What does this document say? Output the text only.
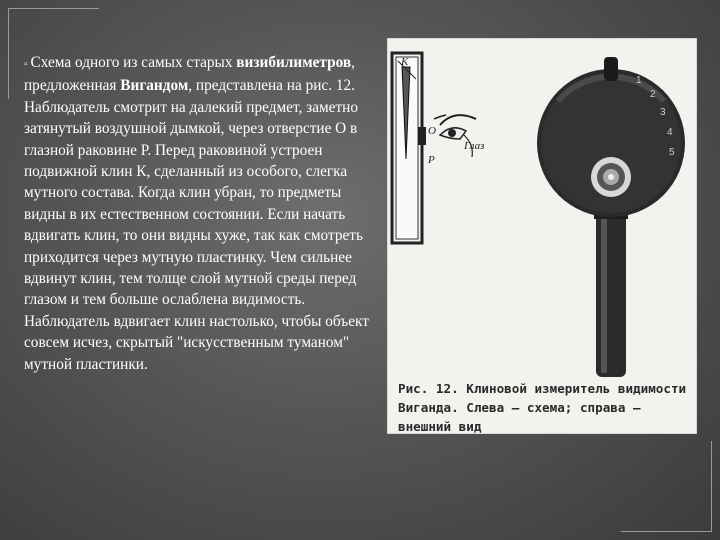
▫ Схема одного из самых старых визибилиметров, предложенная Вигандом, представлена на рис. 12. Наблюдатель смотрит на далекий предмет, заметно затянутый воздушной дымкой, через отверстие О в глазной раковине Р. Перед раковиной устроен подвижной клин К, сделанный из особого, слегка мутного состава. Когда клин убран, то предметы видны в их естественном состоянии. Если начать вдвигать клин, то они видны хуже, так как смотреть приходится через мутную пластинку. Чем сильнее вдвинут клин, тем толще слой мутной среды перед глазом и тем больше ослаблена видимость. Наблюдатель вдвигает клин настолько, чтобы объект совсем исчез, скрытый "искусственным туманом" мутной пластинки.
К
О
Р
Глаз
1
2
3
4
5
Рис. 12. Клиновой измеритель видимости Виганда. Слева — схема; справа — внешний вид
